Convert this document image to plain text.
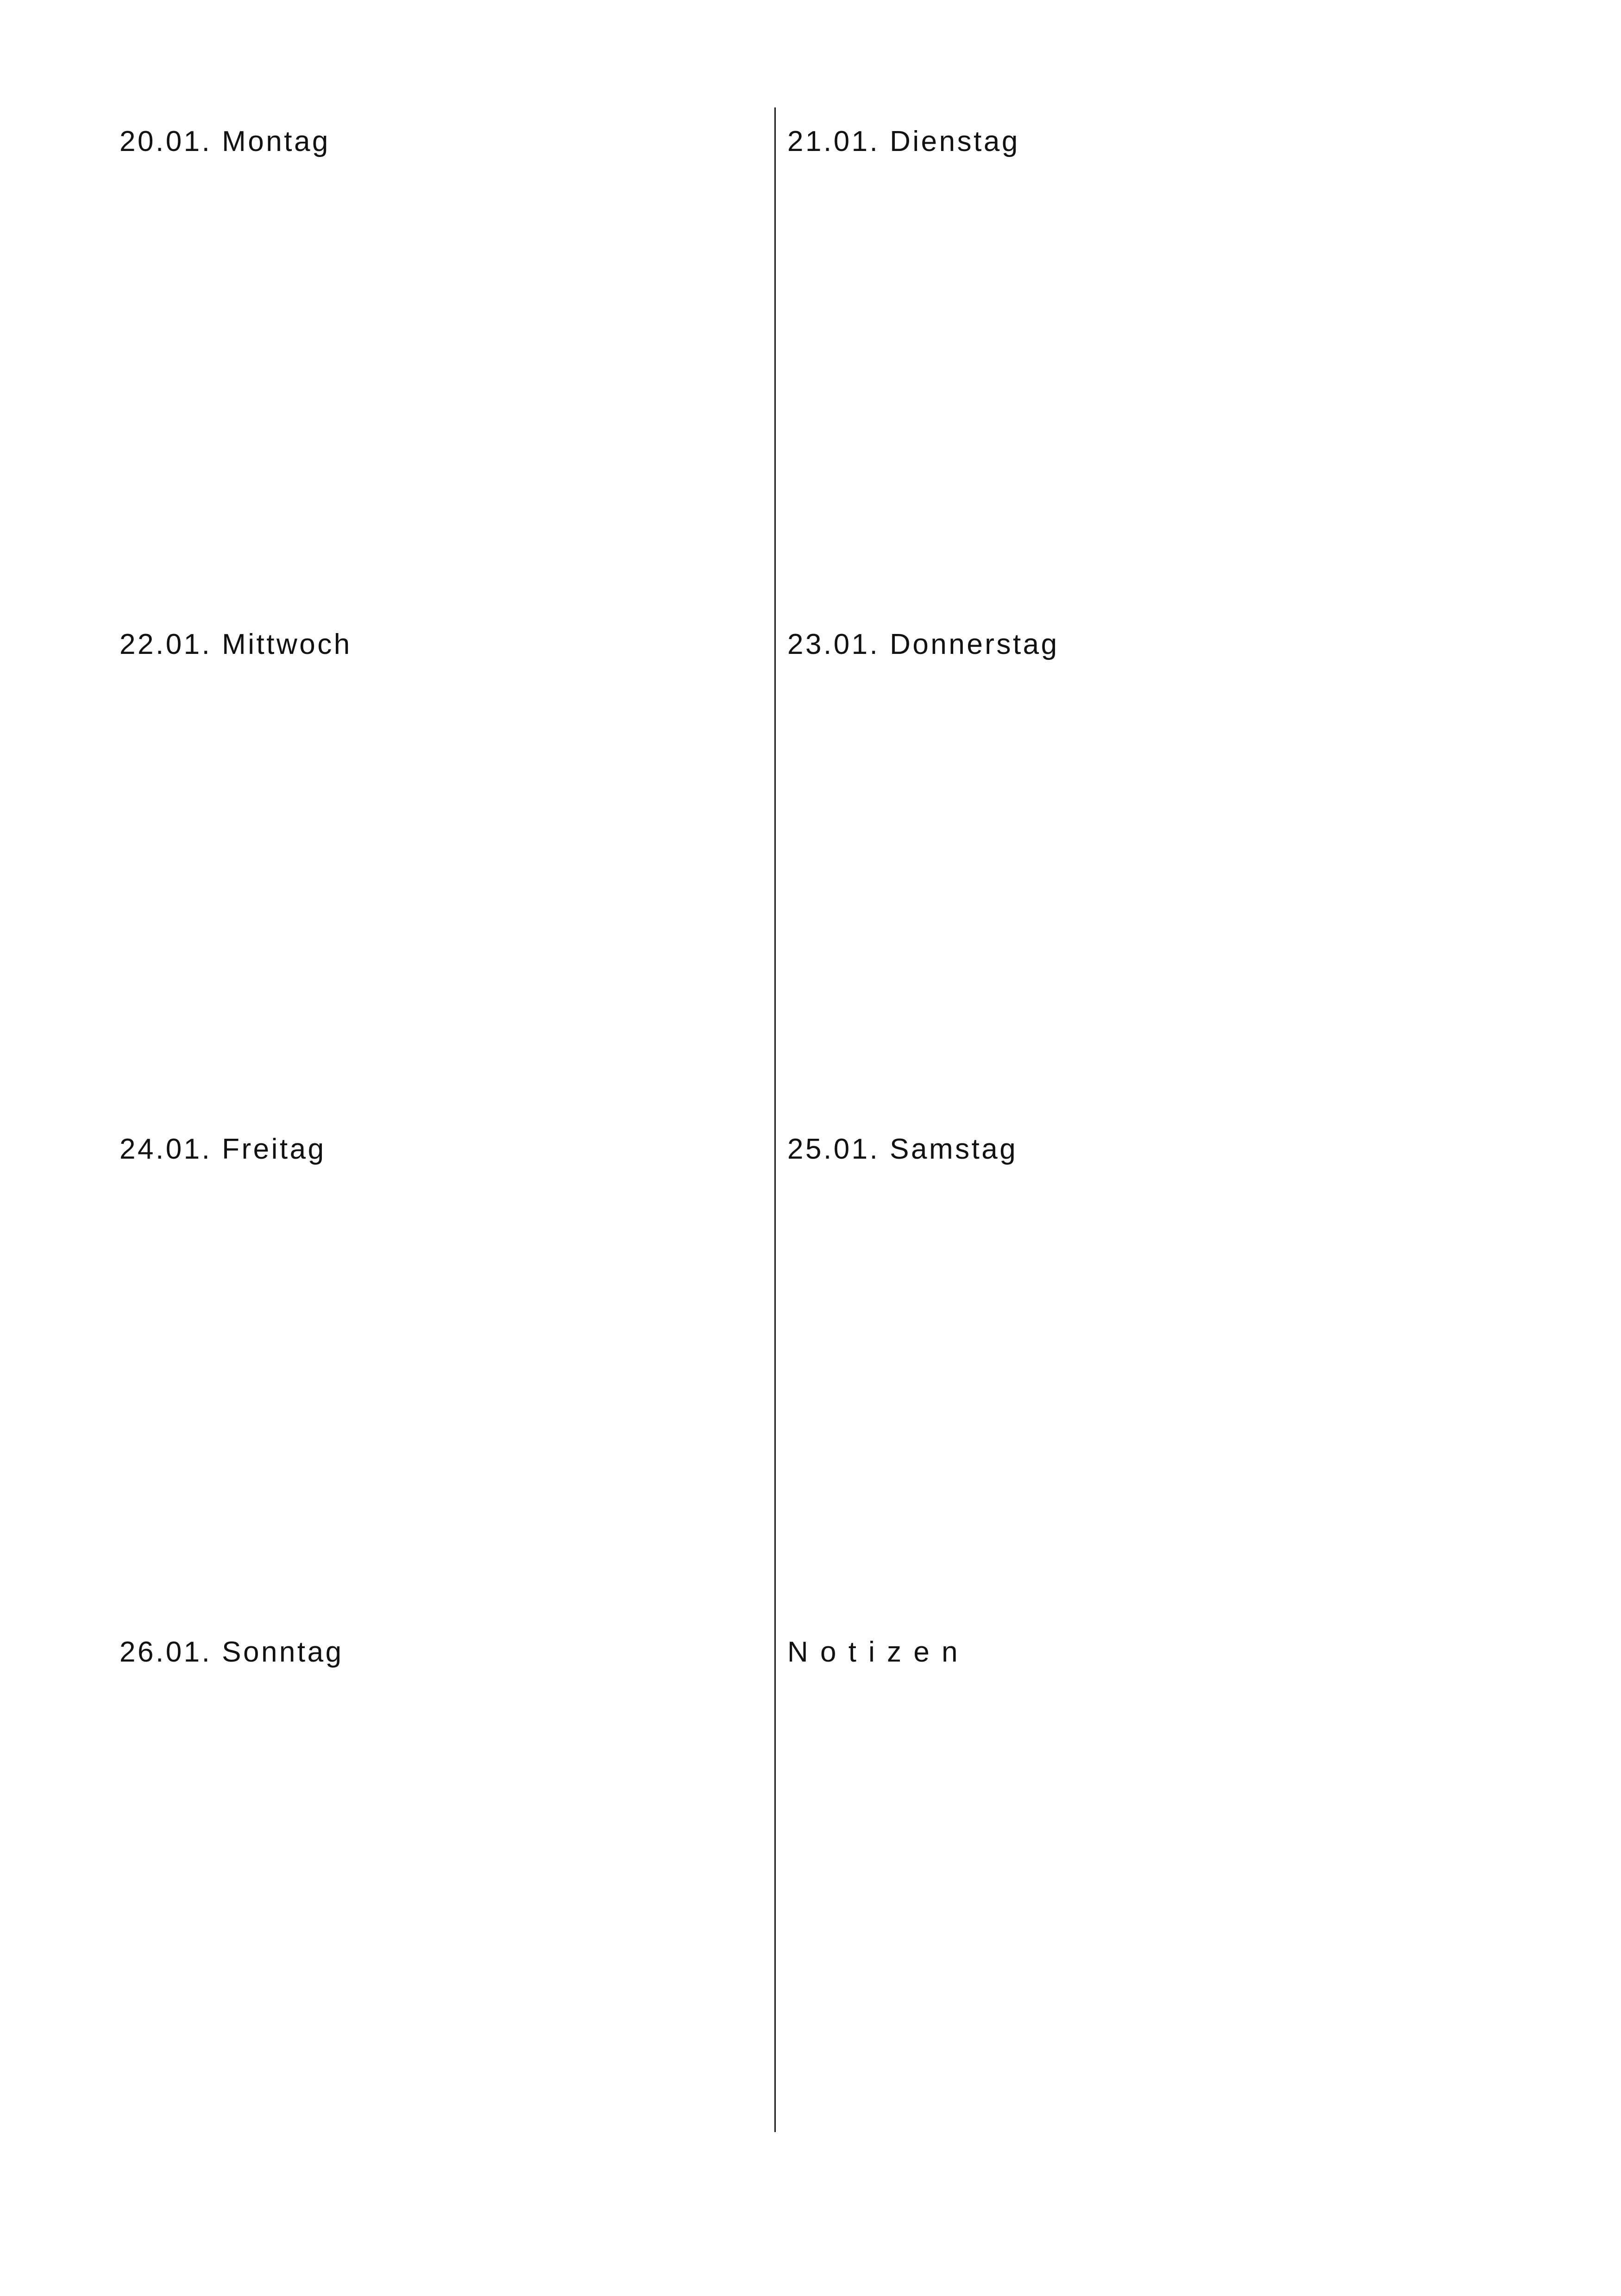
20.01. Montag	21.01. Dienstag
22.01. Mittwoch	23.01. Donnerstag
24.01. Freitag	25.01. Samstag
26.01. Sonntag	N o t i z e n
